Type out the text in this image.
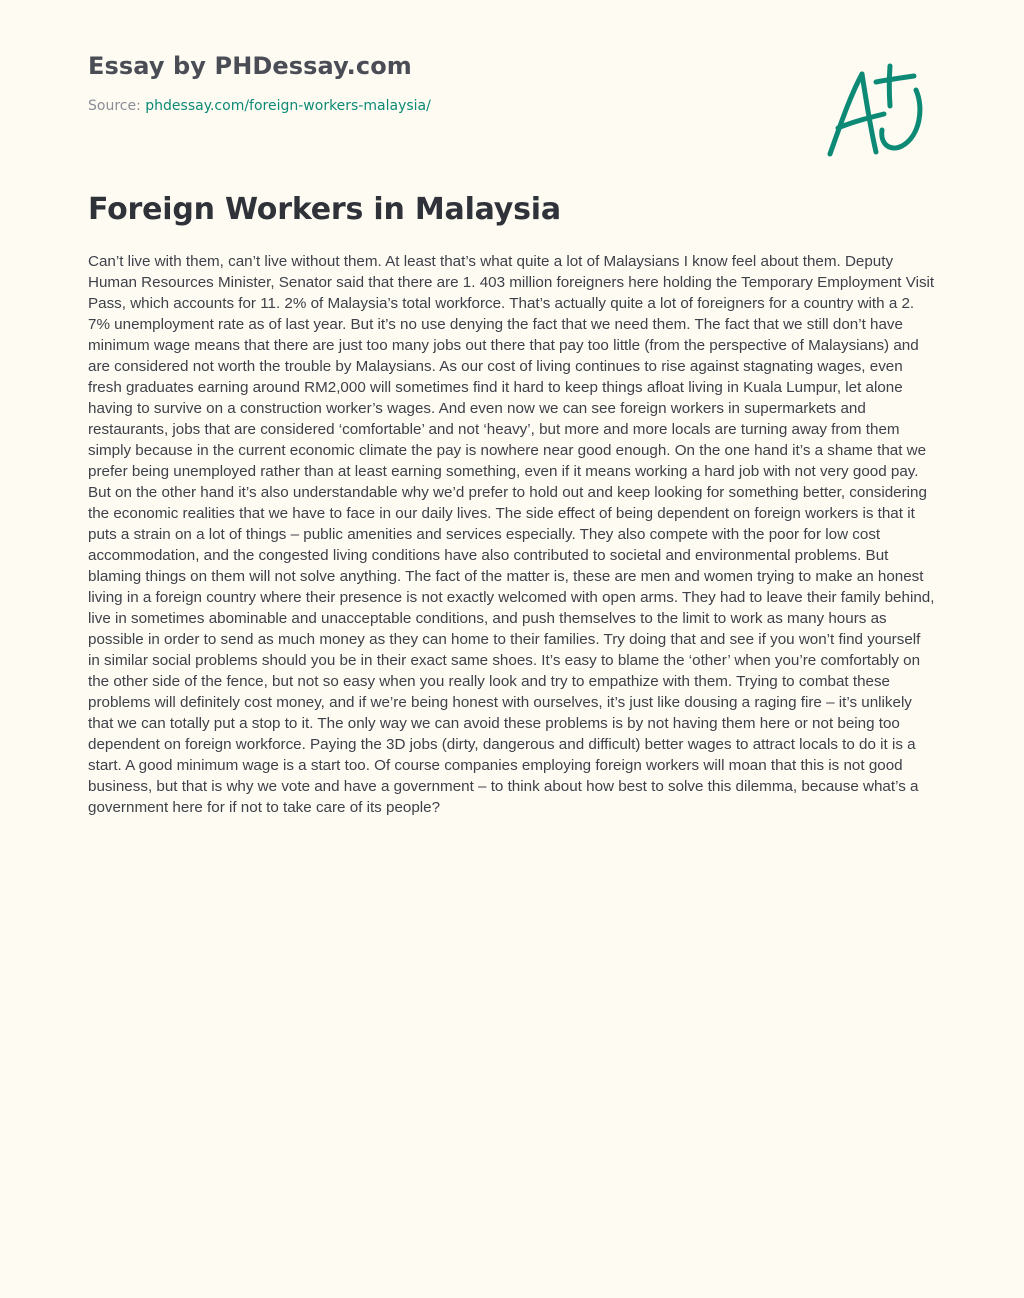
Essay by PHDessay.com
Source: phdessay.com/foreign-workers-malaysia/
Foreign Workers in Malaysia

Can’t live with them, can’t live without them. At least that’s what quite a lot of Malaysians I know feel about them. Deputy Human Resources Minister, Senator said that there are 1. 403 million foreigners here holding the Temporary Employment Visit Pass, which accounts for 11. 2% of Malaysia’s total workforce. That’s actually quite a lot of foreigners for a country with a 2. 7% unemployment rate as of last year. But it’s no use denying the fact that we need them. The fact that we still don’t have minimum wage means that there are just too many jobs out there that pay too little (from the perspective of Malaysians) and are considered not worth the trouble by Malaysians. As our cost of living continues to rise against stagnating wages, even fresh graduates earning around RM2,000 will sometimes find it hard to keep things afloat living in Kuala Lumpur, let alone having to survive on a construction worker’s wages. And even now we can see foreign workers in supermarkets and restaurants, jobs that are considered ‘comfortable’ and not ‘heavy’, but more and more locals are turning away from them simply because in the current economic climate the pay is nowhere near good enough. On the one hand it’s a shame that we prefer being unemployed rather than at least earning something, even if it means working a hard job with not very good pay. But on the other hand it’s also understandable why we’d prefer to hold out and keep looking for something better, considering the economic realities that we have to face in our daily lives. The side effect of being dependent on foreign workers is that it puts a strain on a lot of things – public amenities and services especially. They also compete with the poor for low cost accommodation, and the congested living conditions have also contributed to societal and environmental problems. But blaming things on them will not solve anything. The fact of the matter is, these are men and women trying to make an honest living in a foreign country where their presence is not exactly welcomed with open arms. They had to leave their family behind, live in sometimes abominable and unacceptable conditions, and push themselves to the limit to work as many hours as possible in order to send as much money as they can home to their families. Try doing that and see if you won’t find yourself in similar social problems should you be in their exact same shoes. It’s easy to blame the ‘other’ when you’re comfortably on the other side of the fence, but not so easy when you really look and try to empathize with them. Trying to combat these problems will definitely cost money, and if we’re being honest with ourselves, it’s just like dousing a raging fire – it’s unlikely that we can totally put a stop to it. The only way we can avoid these problems is by not having them here or not being too dependent on foreign workforce. Paying the 3D jobs (dirty, dangerous and difficult) better wages to attract locals to do it is a start. A good minimum wage is a start too. Of course companies employing foreign workers will moan that this is not good business, but that is why we vote and have a government – to think about how best to solve this dilemma, because what’s a government here for if not to take care of its people?
